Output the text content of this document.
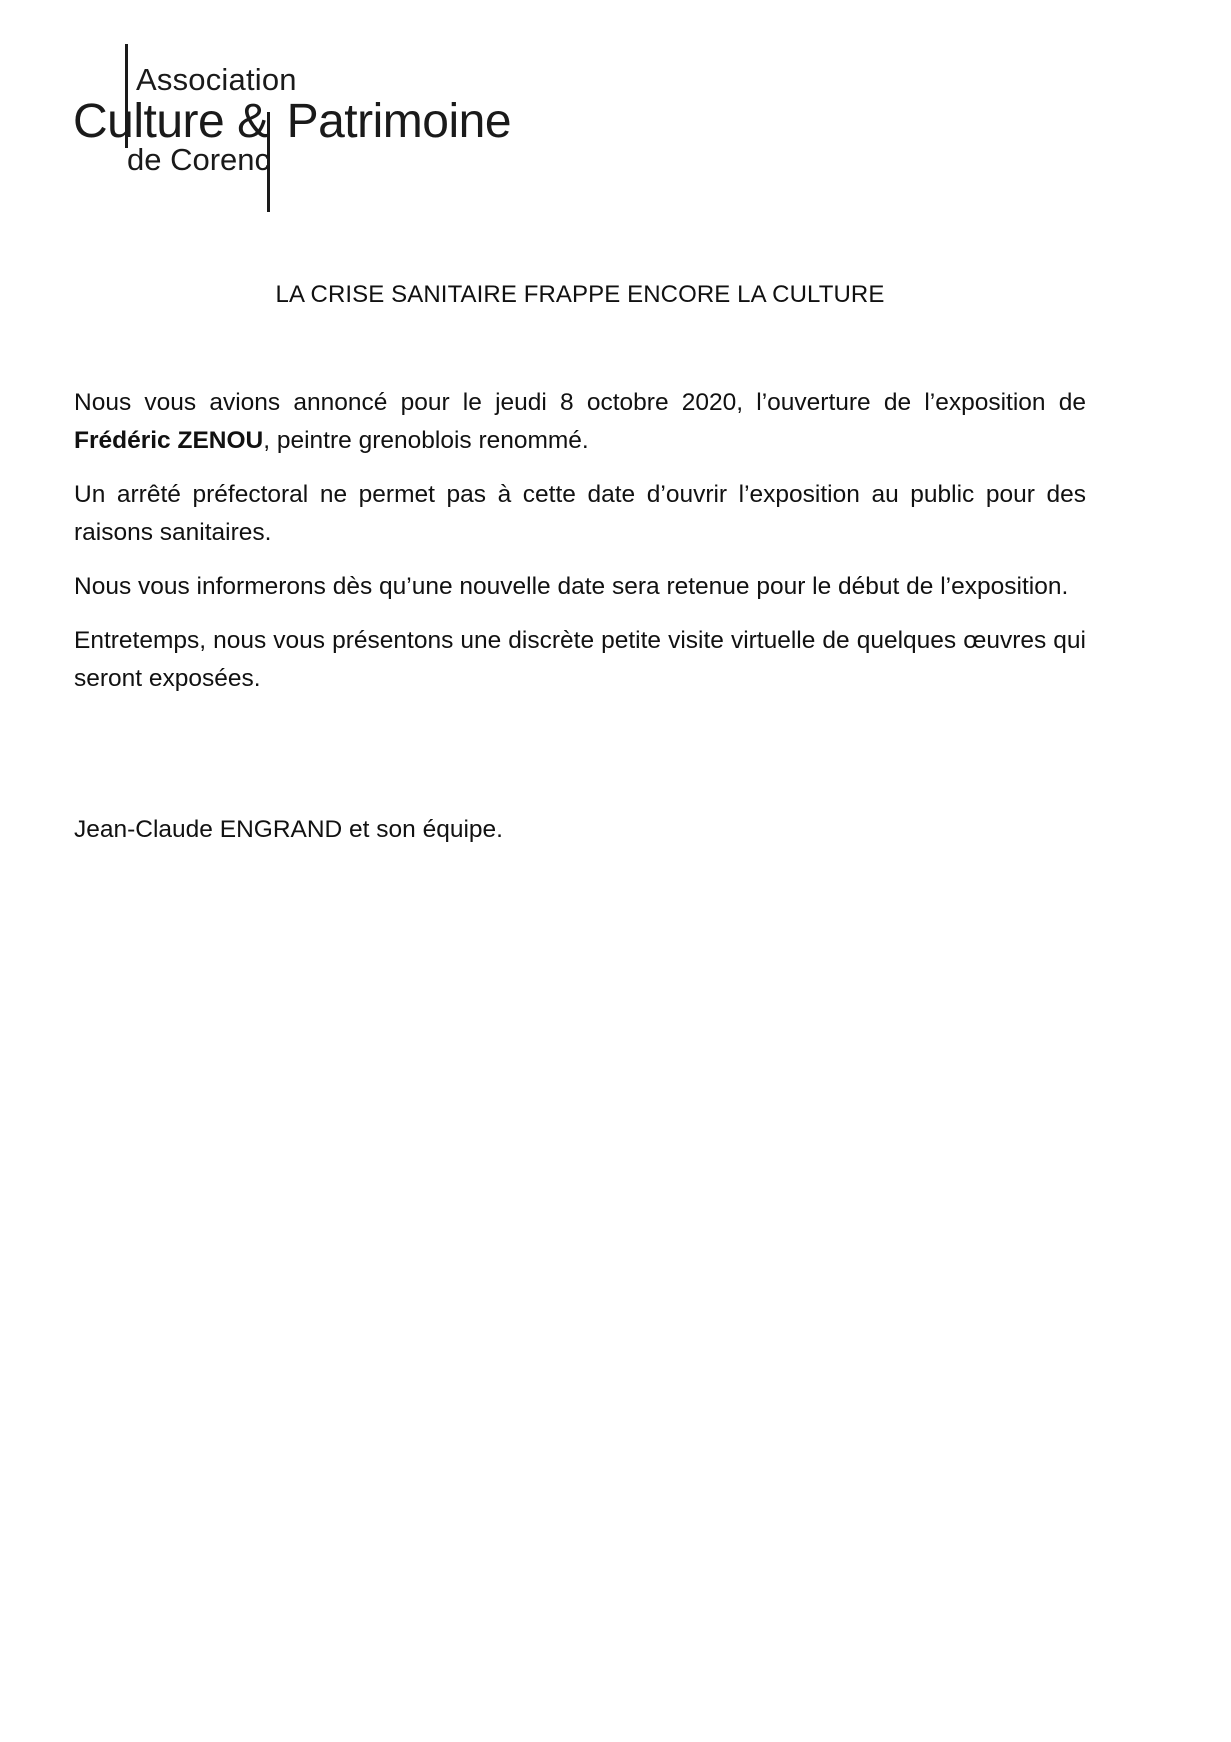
Association
Culture & Patrimoine
de Corenc
LA CRISE SANITAIRE FRAPPE ENCORE LA CULTURE

Nous vous avions annoncé pour le jeudi 8 octobre 2020, l’ouverture de l’exposition de Frédéric ZENOU, peintre grenoblois renommé.

Un arrêté préfectoral ne permet pas à cette date d’ouvrir l’exposition au public pour des raisons sanitaires.

Nous vous informerons dès qu’une nouvelle date sera retenue pour le début de l’exposition.

Entretemps, nous vous présentons une discrète petite visite virtuelle de quelques œuvres qui seront exposées.

Jean-Claude ENGRAND et son équipe.
